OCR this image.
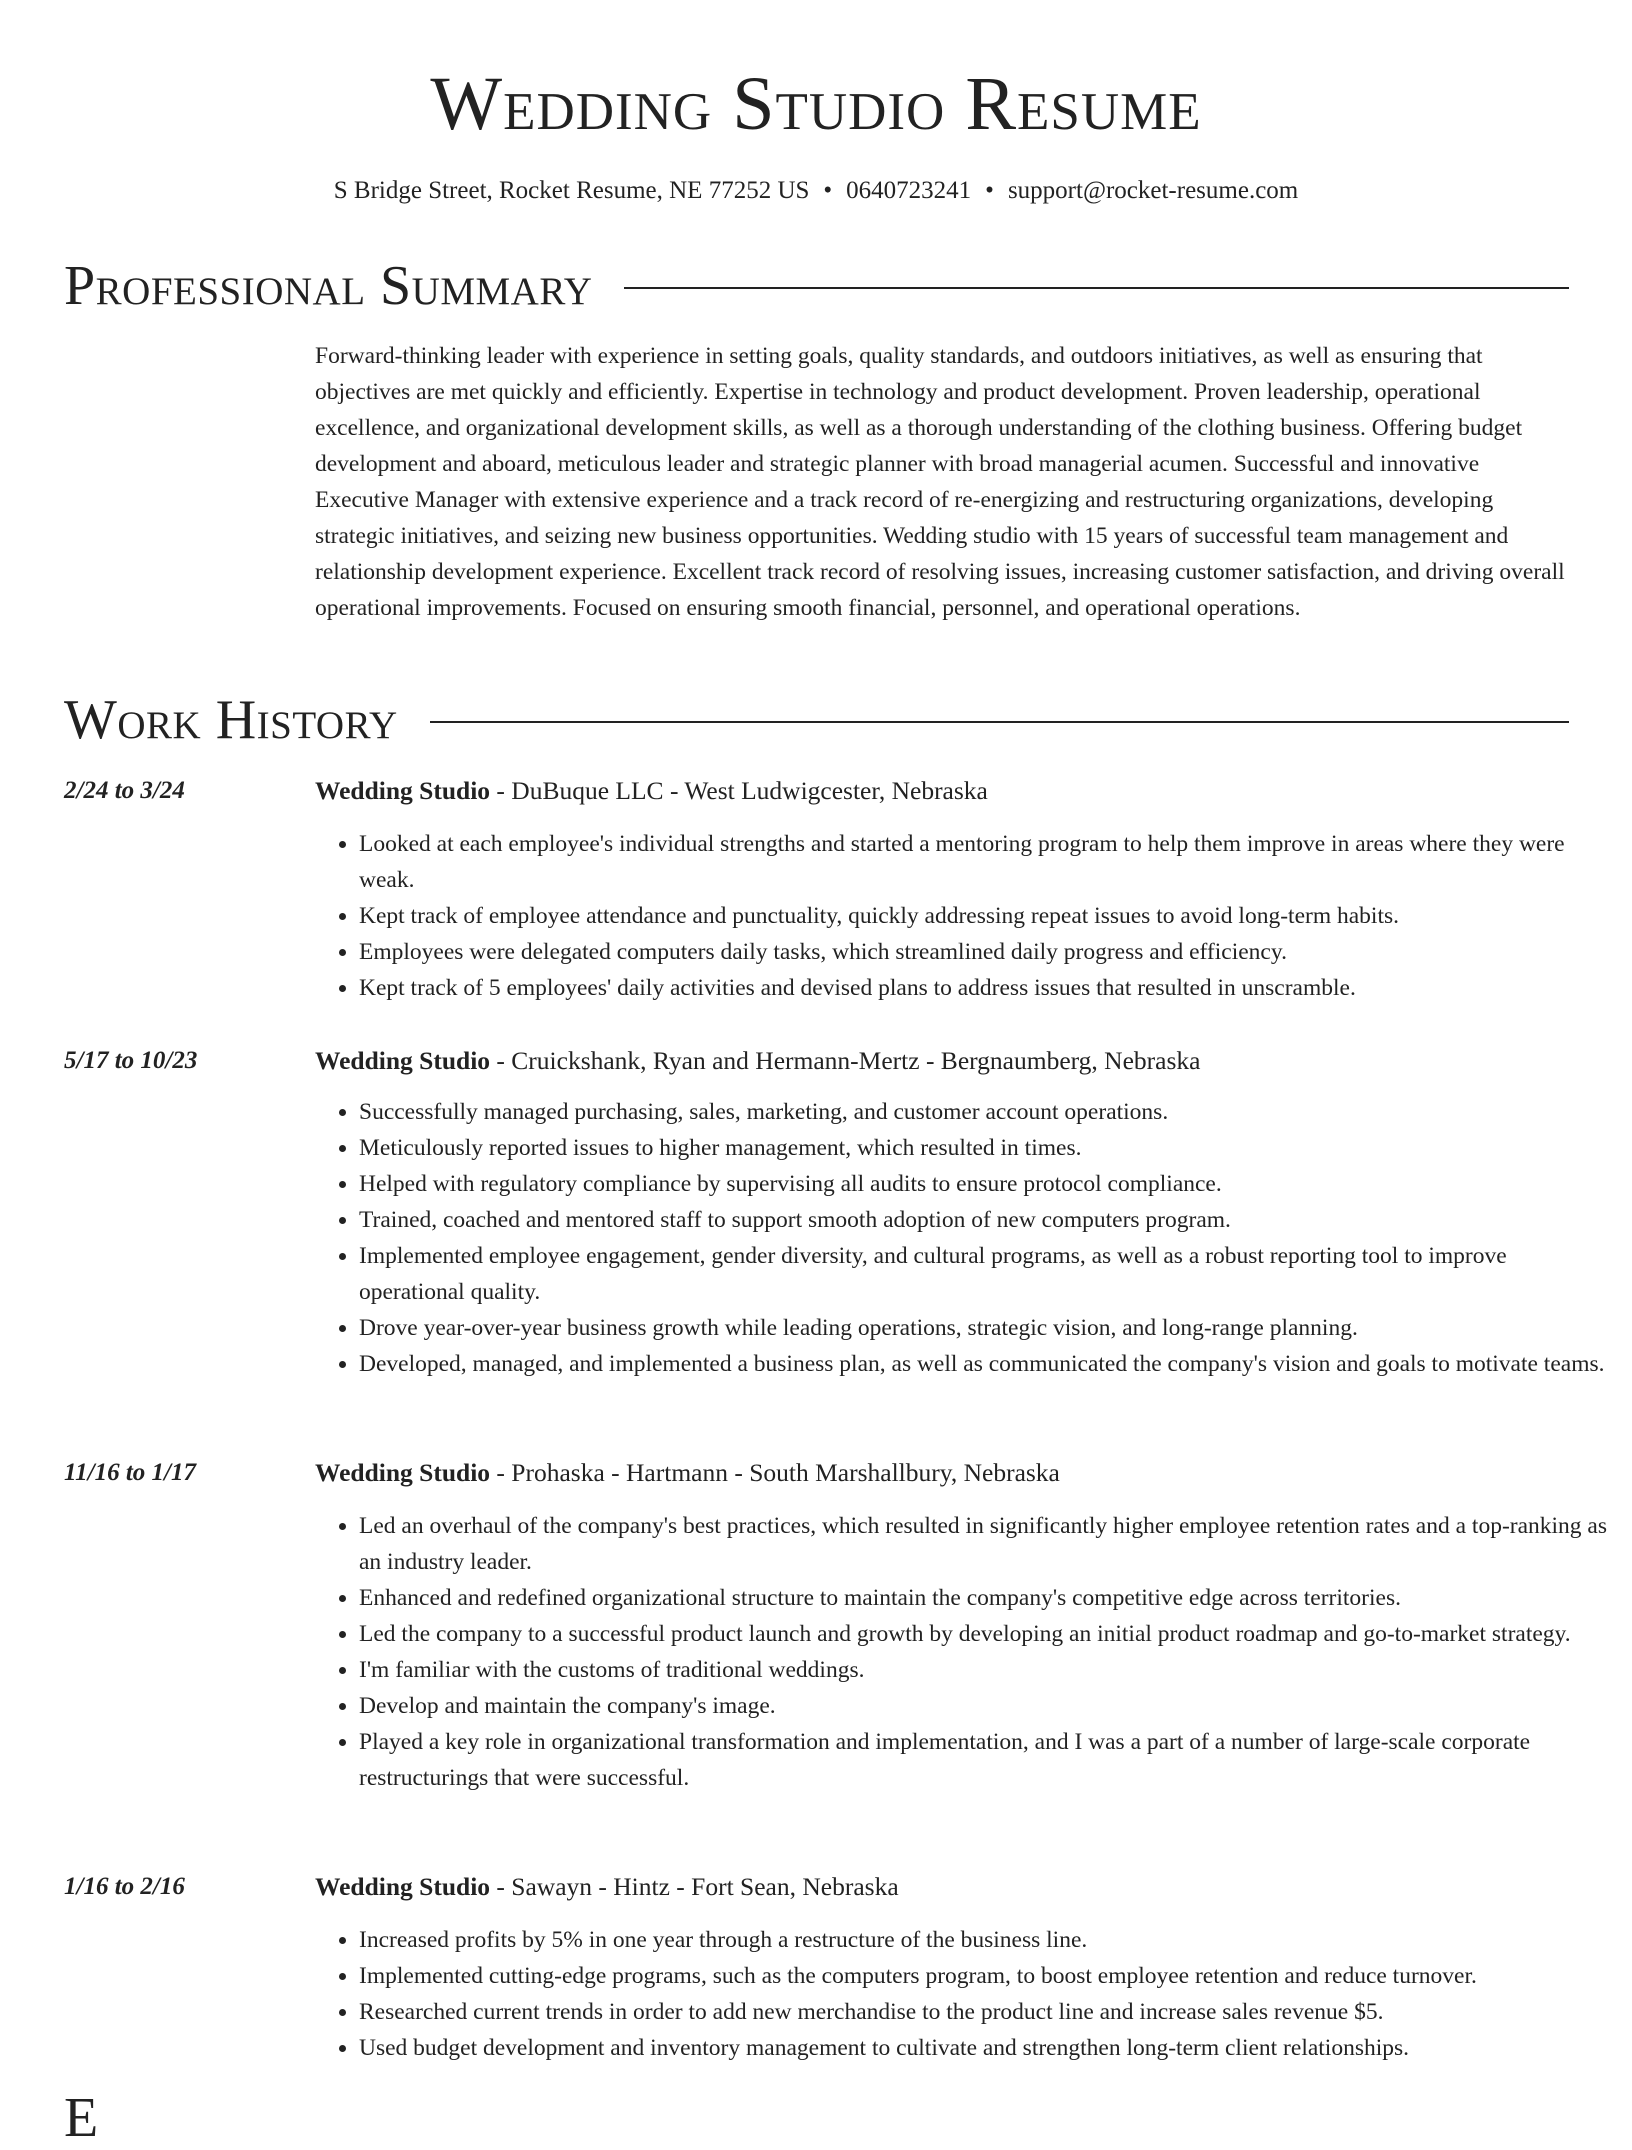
Wedding Studio Resume

S Bridge Street, Rocket Resume, NE 77252 US • 0640723241 • support@rocket-resume.com

Professional Summary

Forward-thinking leader with experience in setting goals, quality standards, and outdoors initiatives, as well as ensuring that objectives are met quickly and efficiently. Expertise in technology and product development. Proven leadership, operational excellence, and organizational development skills, as well as a thorough understanding of the clothing business. Offering budget development and aboard, meticulous leader and strategic planner with broad managerial acumen. Successful and innovative Executive Manager with extensive experience and a track record of re-energizing and restructuring organizations, developing strategic initiatives, and seizing new business opportunities. Wedding studio with 15 years of successful team management and relationship development experience. Excellent track record of resolving issues, increasing customer satisfaction, and driving overall operational improvements. Focused on ensuring smooth financial, personnel, and operational operations.

Work History
2/24 to 3/24	Wedding Studio - DuBuque LLC - West Ludwigcester, Nebraska
• Looked at each employee's individual strengths and started a mentoring program to help them improve in areas where they were weak.
• Kept track of employee attendance and punctuality, quickly addressing repeat issues to avoid long-term habits.
• Employees were delegated computers daily tasks, which streamlined daily progress and efficiency.
• Kept track of 5 employees' daily activities and devised plans to address issues that resulted in unscramble.
5/17 to 10/23	Wedding Studio - Cruickshank, Ryan and Hermann-Mertz - Bergnaumberg, Nebraska
• Successfully managed purchasing, sales, marketing, and customer account operations.
• Meticulously reported issues to higher management, which resulted in times.
• Helped with regulatory compliance by supervising all audits to ensure protocol compliance.
• Trained, coached and mentored staff to support smooth adoption of new computers program.
• Implemented employee engagement, gender diversity, and cultural programs, as well as a robust reporting tool to improve operational quality.
• Drove year-over-year business growth while leading operations, strategic vision, and long-range planning.
• Developed, managed, and implemented a business plan, as well as communicated the company's vision and goals to motivate teams.
11/16 to 1/17	Wedding Studio - Prohaska - Hartmann - South Marshallbury, Nebraska
• Led an overhaul of the company's best practices, which resulted in significantly higher employee retention rates and a top-ranking as an industry leader.
• Enhanced and redefined organizational structure to maintain the company's competitive edge across territories.
• Led the company to a successful product launch and growth by developing an initial product roadmap and go-to-market strategy.
• I'm familiar with the customs of traditional weddings.
• Develop and maintain the company's image.
• Played a key role in organizational transformation and implementation, and I was a part of a number of large-scale corporate restructurings that were successful.
1/16 to 2/16	Wedding Studio - Sawayn - Hintz - Fort Sean, Nebraska
• Increased profits by 5% in one year through a restructure of the business line.
• Implemented cutting-edge programs, such as the computers program, to boost employee retention and reduce turnover.
• Researched current trends in order to add new merchandise to the product line and increase sales revenue $5.
• Used budget development and inventory management to cultivate and strengthen long-term client relationships.
E
